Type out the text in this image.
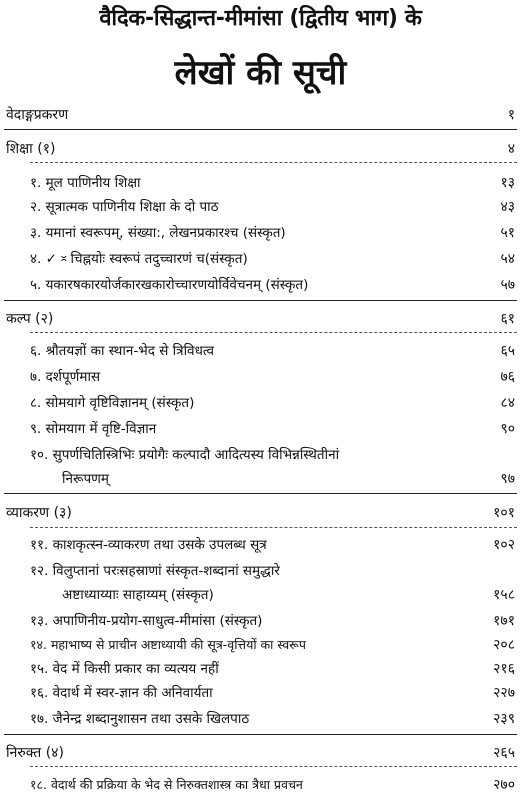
वैदिक-सिद्धान्त-मीमांसा (द्वितीय भाग) के
लेखों की सूची
वेदाङ्गप्रकरण	१
शिक्षा (१)	४
१. मूल पाणिनीय शिक्षा	१३
२. सूत्रात्मक पाणिनीय शिक्षा के दो पाठ	४३
३. यमानां स्वरूपम्, संख्या:, लेखनप्रकारश्च (संस्कृत)	५१
४. ✓ ᳲ चिह्नयोः स्वरूपं तदुच्चारणं च(संस्कृत)	५४
५. यकारषकारयोर्जकारखकारोच्चारणयोर्विवेचनम् (संस्कृत)	५७
कल्प (२)	६१
६. श्रौतयज्ञों का स्थान-भेद से त्रिविधत्व	६५
७. दर्शपूर्णमास	७६
८. सोमयागे वृष्टिविज्ञानम् (संस्कृत)	८४
९. सोमयाग में वृष्टि-विज्ञान	९०
१०. सुपर्णचितिस्त्रिभिः प्रयोगैः कल्पादौ आदित्यस्य विभिन्नस्थितीनां
निरूपणम्	९७
व्याकरण (३)	१०१
११. काशकृत्स्न-व्याकरण तथा उसके उपलब्ध सूत्र	१०२
१२. विलुप्तानां परःसहस्राणां संस्कृत-शब्दानां समुद्धारे
अष्टाध्याय्याः साहाय्यम् (संस्कृत)	१५८
१३. अपाणिनीय-प्रयोग-साधुत्व-मीमांसा (संस्कृत)	१७१
१४. महाभाष्य से प्राचीन अष्टाध्यायी की सूत्र-वृत्तियों का स्वरूप	२०८
१५. वेद में किसी प्रकार का व्यत्यय नहीं	२१६
१६. वेदार्थ में स्वर-ज्ञान की अनिवार्यता	२२७
१७. जैनेन्द्र शब्दानुशासन तथा उसके खिलपाठ	२३९
निरुक्त (४)	२६५
१८. वेदार्थ की प्रक्रिया के भेद से निरुक्तशास्त्र का त्रैधा प्रवचन	२७०
